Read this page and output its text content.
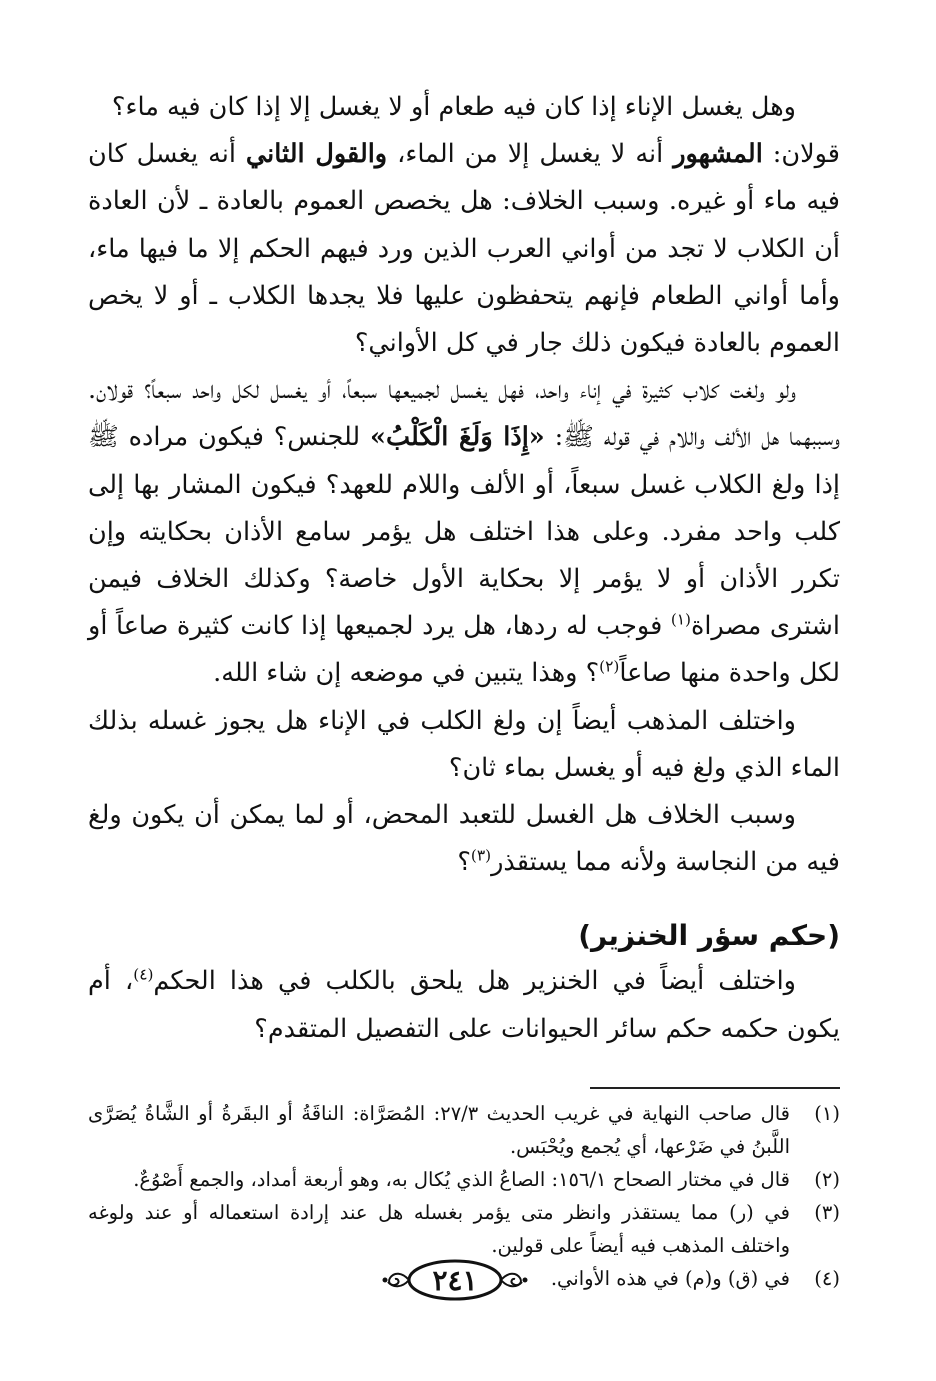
وهل يغسل الإناء إذا كان فيه طعام أو لا يغسل إلا إذا كان فيه ماء؟

قولان: المشهور أنه لا يغسل إلا من الماء، والقول الثاني أنه يغسل كان فيه ماء أو غيره. وسبب الخلاف: هل يخصص العموم بالعادة ـ لأن العادة أن الكلاب لا تجد من أواني العرب الذين ورد فيهم الحكم إلا ما فيها ماء، وأما أواني الطعام فإنهم يتحفظون عليها فلا يجدها الكلاب ـ أو لا يخص العموم بالعادة فيكون ذلك جار في كل الأواني؟

ولو ولغت كلاب كثيرة في إناء واحد، فهل يغسل لجميعها سبعاً، أو يغسل لكل واحد سبعاً؟ قولان. وسببهما هل الألف واللام في قوله ﷺ: «إِذَا وَلَغَ الْكَلْبُ» للجنس؟ فيكون مراده ﷺ إذا ولغ الكلاب غسل سبعاً، أو الألف واللام للعهد؟ فيكون المشار بها إلى كلب واحد مفرد. وعلى هذا اختلف هل يؤمر سامع الأذان بحكايته وإن تكرر الأذان أو لا يؤمر إلا بحكاية الأول خاصة؟ وكذلك الخلاف فيمن اشترى مصراة$^{(١)}$ فوجب له ردها، هل يرد لجميعها إذا كانت كثيرة صاعاً أو لكل واحدة منها صاعاً$^{(٢)}$؟ وهذا يتبين في موضعه إن شاء الله.

واختلف المذهب أيضاً إن ولغ الكلب في الإناء هل يجوز غسله بذلك الماء الذي ولغ فيه أو يغسل بماء ثان؟

وسبب الخلاف هل الغسل للتعبد المحض، أو لما يمكن أن يكون ولغ فيه من النجاسة ولأنه مما يستقذر$^{(٣)}$؟

(حكم سؤر الخنزير)

واختلف أيضاً في الخنزير هل يلحق بالكلب في هذا الحكم$^{(٤)}$، أم يكون حكمه حكم سائر الحيوانات على التفصيل المتقدم؟

(١)
قال صاحب النهاية في غريب الحديث ٢٧/٣: المُصَرَّاة: الناقَةُ أو البقَرةُ أو الشَّاةُ يُصَرَّى اللَّبنُ في ضَرْعها، أي يُجمع ويُحْبَس.
(٢)
قال في مختار الصحاح ١٥٦/١: الصاعُ الذي يُكال به، وهو أربعة أمداد، والجمع أَصْوُعٌ.
(٣)
في (ر) مما يستقذر وانظر متى يؤمر بغسله هل عند إرادة استعماله أو عند ولوغه واختلف المذهب فيه أيضاً على قولين.
(٤)
في (ق) و(م) في هذه الأواني.
٢٤١
